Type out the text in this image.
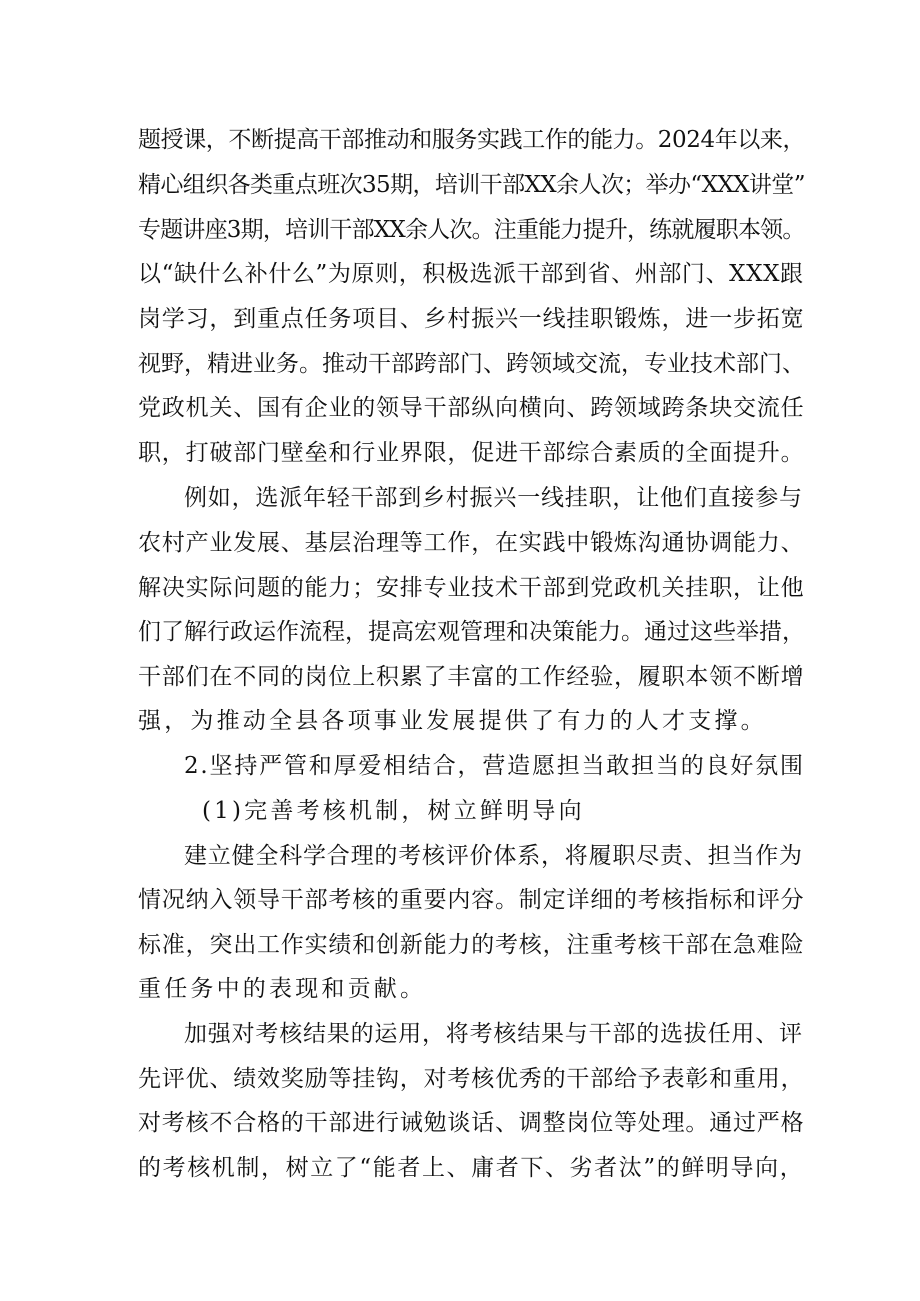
题授课，不断提高干部推动和服务实践工作的能力。2024年以来，
精心组织各类重点班次35期，培训干部XX余人次；举办“XXX讲堂”
专题讲座3期，培训干部XX余人次。注重能力提升，练就履职本领。
以“缺什么补什么”为原则，积极选派干部到省、州部门、XXX跟
岗学习，到重点任务项目、乡村振兴一线挂职锻炼，进一步拓宽
视野，精进业务。推动干部跨部门、跨领域交流，专业技术部门、
党政机关、国有企业的领导干部纵向横向、跨领域跨条块交流任
职，打破部门壁垒和行业界限，促进干部综合素质的全面提升。
例如，选派年轻干部到乡村振兴一线挂职，让他们直接参与
农村产业发展、基层治理等工作，在实践中锻炼沟通协调能力、
解决实际问题的能力；安排专业技术干部到党政机关挂职，让他
们了解行政运作流程，提高宏观管理和决策能力。通过这些举措，
干部们在不同的岗位上积累了丰富的工作经验，履职本领不断增
强，为推动全县各项事业发展提供了有力的人才支撑。
2.坚持严管和厚爱相结合，营造愿担当敢担当的良好氛围
(1)完善考核机制，树立鲜明导向
建立健全科学合理的考核评价体系，将履职尽责、担当作为
情况纳入领导干部考核的重要内容。制定详细的考核指标和评分
标准，突出工作实绩和创新能力的考核，注重考核干部在急难险
重任务中的表现和贡献。
加强对考核结果的运用，将考核结果与干部的选拔任用、评
先评优、绩效奖励等挂钩，对考核优秀的干部给予表彰和重用，
对考核不合格的干部进行诫勉谈话、调整岗位等处理。通过严格
的考核机制，树立了“能者上、庸者下、劣者汰”的鲜明导向，
